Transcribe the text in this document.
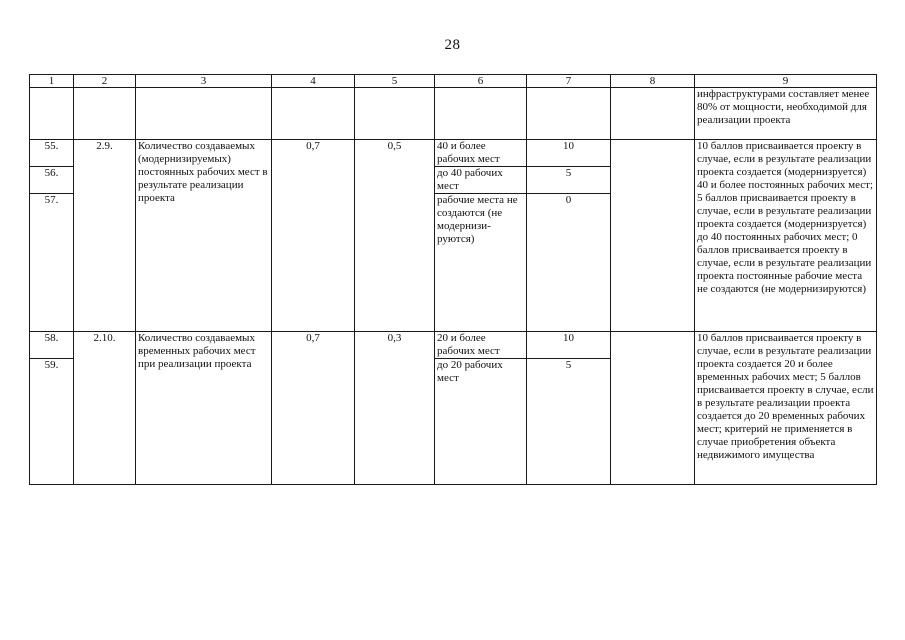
28
1	2	3	4	5	6	7	8	9
								инфраструктурами составляет менее 80% от мощности, необходимой для реализации проекта
55.	2.9.	Количество создаваемых (модернизируемых) постоянных рабочих мест в результате реализации проекта	0,7	0,5	40 и более рабочих мест	10		10 баллов присваивается проекту в случае, если в результате реализации проекта создается (модернизруется) 40 и более постоянных рабочих мест; 5 баллов присваивается проекту в случае, если в результате реализации проекта создается (модернизруется) до 40 постоянных рабочих мест; 0 баллов присваивается проекту в случае, если в результате реализации проекта постоянные рабочие места не создаются (не модернизируются)
56.					до 40 рабочих мест	5		
57.					рабочие места не создаются (не модернизи-руются)	0		
58.	2.10.	Количество создаваемых временных рабочих мест при реализации проекта	0,7	0,3	20 и более рабочих мест	10		10 баллов присваивается проекту в случае, если в результате реализации проекта создается 20 и более временных рабочих мест; 5 баллов присваивается проекту в случае, если в результате реализации проекта создается до 20 временных рабочих мест; критерий не применяется в случае приобретения объекта недвижимого имущества
59.					до 20 рабочих мест	5		
